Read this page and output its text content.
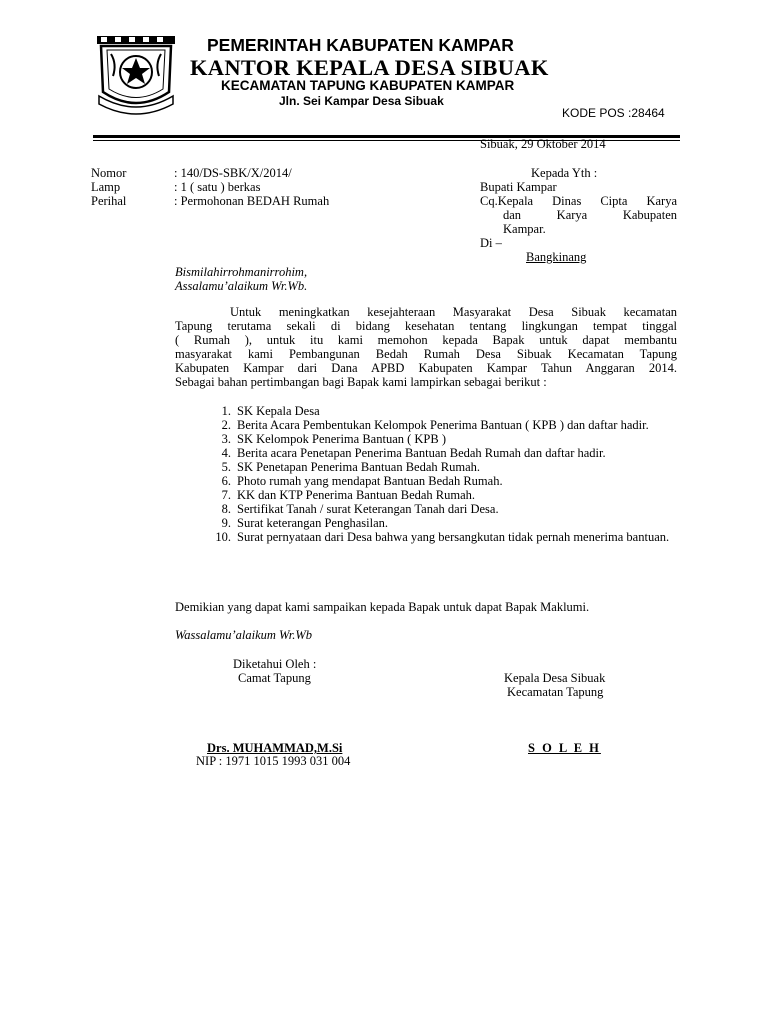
PEMERINTAH KABUPATEN KAMPAR
KANTOR KEPALA DESA SIBUAK
KECAMATAN TAPUNG KABUPATEN KAMPAR
Jln. Sei Kampar Desa Sibuak
KODE POS :28464
Sibuak, 29 Oktober 2014
Nomor	: 140/DS-SBK/X/2014/
Lamp	: 1 ( satu ) berkas
Perihal	: Permohonan BEDAH Rumah
Kepada Yth :
Bupati Kampar
Cq.Kepala Dinas Cipta Karya
dan Karya Kabupaten
Kampar.
Di –
Bangkinang
Bismilahirrohmanirrohim,
Assalamu’alaikum Wr.Wb.
Untuk meningkatkan kesejahteraan Masyarakat Desa Sibuak kecamatan
Tapung terutama sekali di bidang kesehatan tentang lingkungan tempat tinggal
( Rumah ), untuk itu kami memohon kepada Bapak untuk dapat membantu
masyarakat kami Pembangunan Bedah Rumah Desa Sibuak Kecamatan Tapung
Kabupaten Kampar dari Dana APBD Kabupaten Kampar Tahun Anggaran 2014.
Sebagai bahan pertimbangan bagi Bapak kami lampirkan sebagai berikut :
1. SK Kepala Desa
2. Berita Acara Pembentukan Kelompok Penerima Bantuan ( KPB ) dan daftar hadir.
3. SK Kelompok Penerima Bantuan ( KPB )
4. Berita acara Penetapan Penerima Bantuan Bedah Rumah dan daftar hadir.
5. SK Penetapan Penerima Bantuan Bedah Rumah.
6. Photo rumah yang mendapat Bantuan Bedah Rumah.
7. KK dan KTP Penerima Bantuan Bedah Rumah.
8. Sertifikat Tanah / surat Keterangan Tanah dari Desa.
9. Surat keterangan Penghasilan.
10. Surat pernyataan dari Desa bahwa yang bersangkutan tidak pernah menerima bantuan.
Demikian yang dapat kami sampaikan kepada Bapak untuk dapat Bapak Maklumi.
Wassalamu’alaikum Wr.Wb
Diketahui Oleh :
Camat Tapung	Kepala Desa Sibuak
Kecamatan Tapung
Drs. MUHAMMAD,M.Si
NIP : 1971 1015 1993 031 004
S O L E H
